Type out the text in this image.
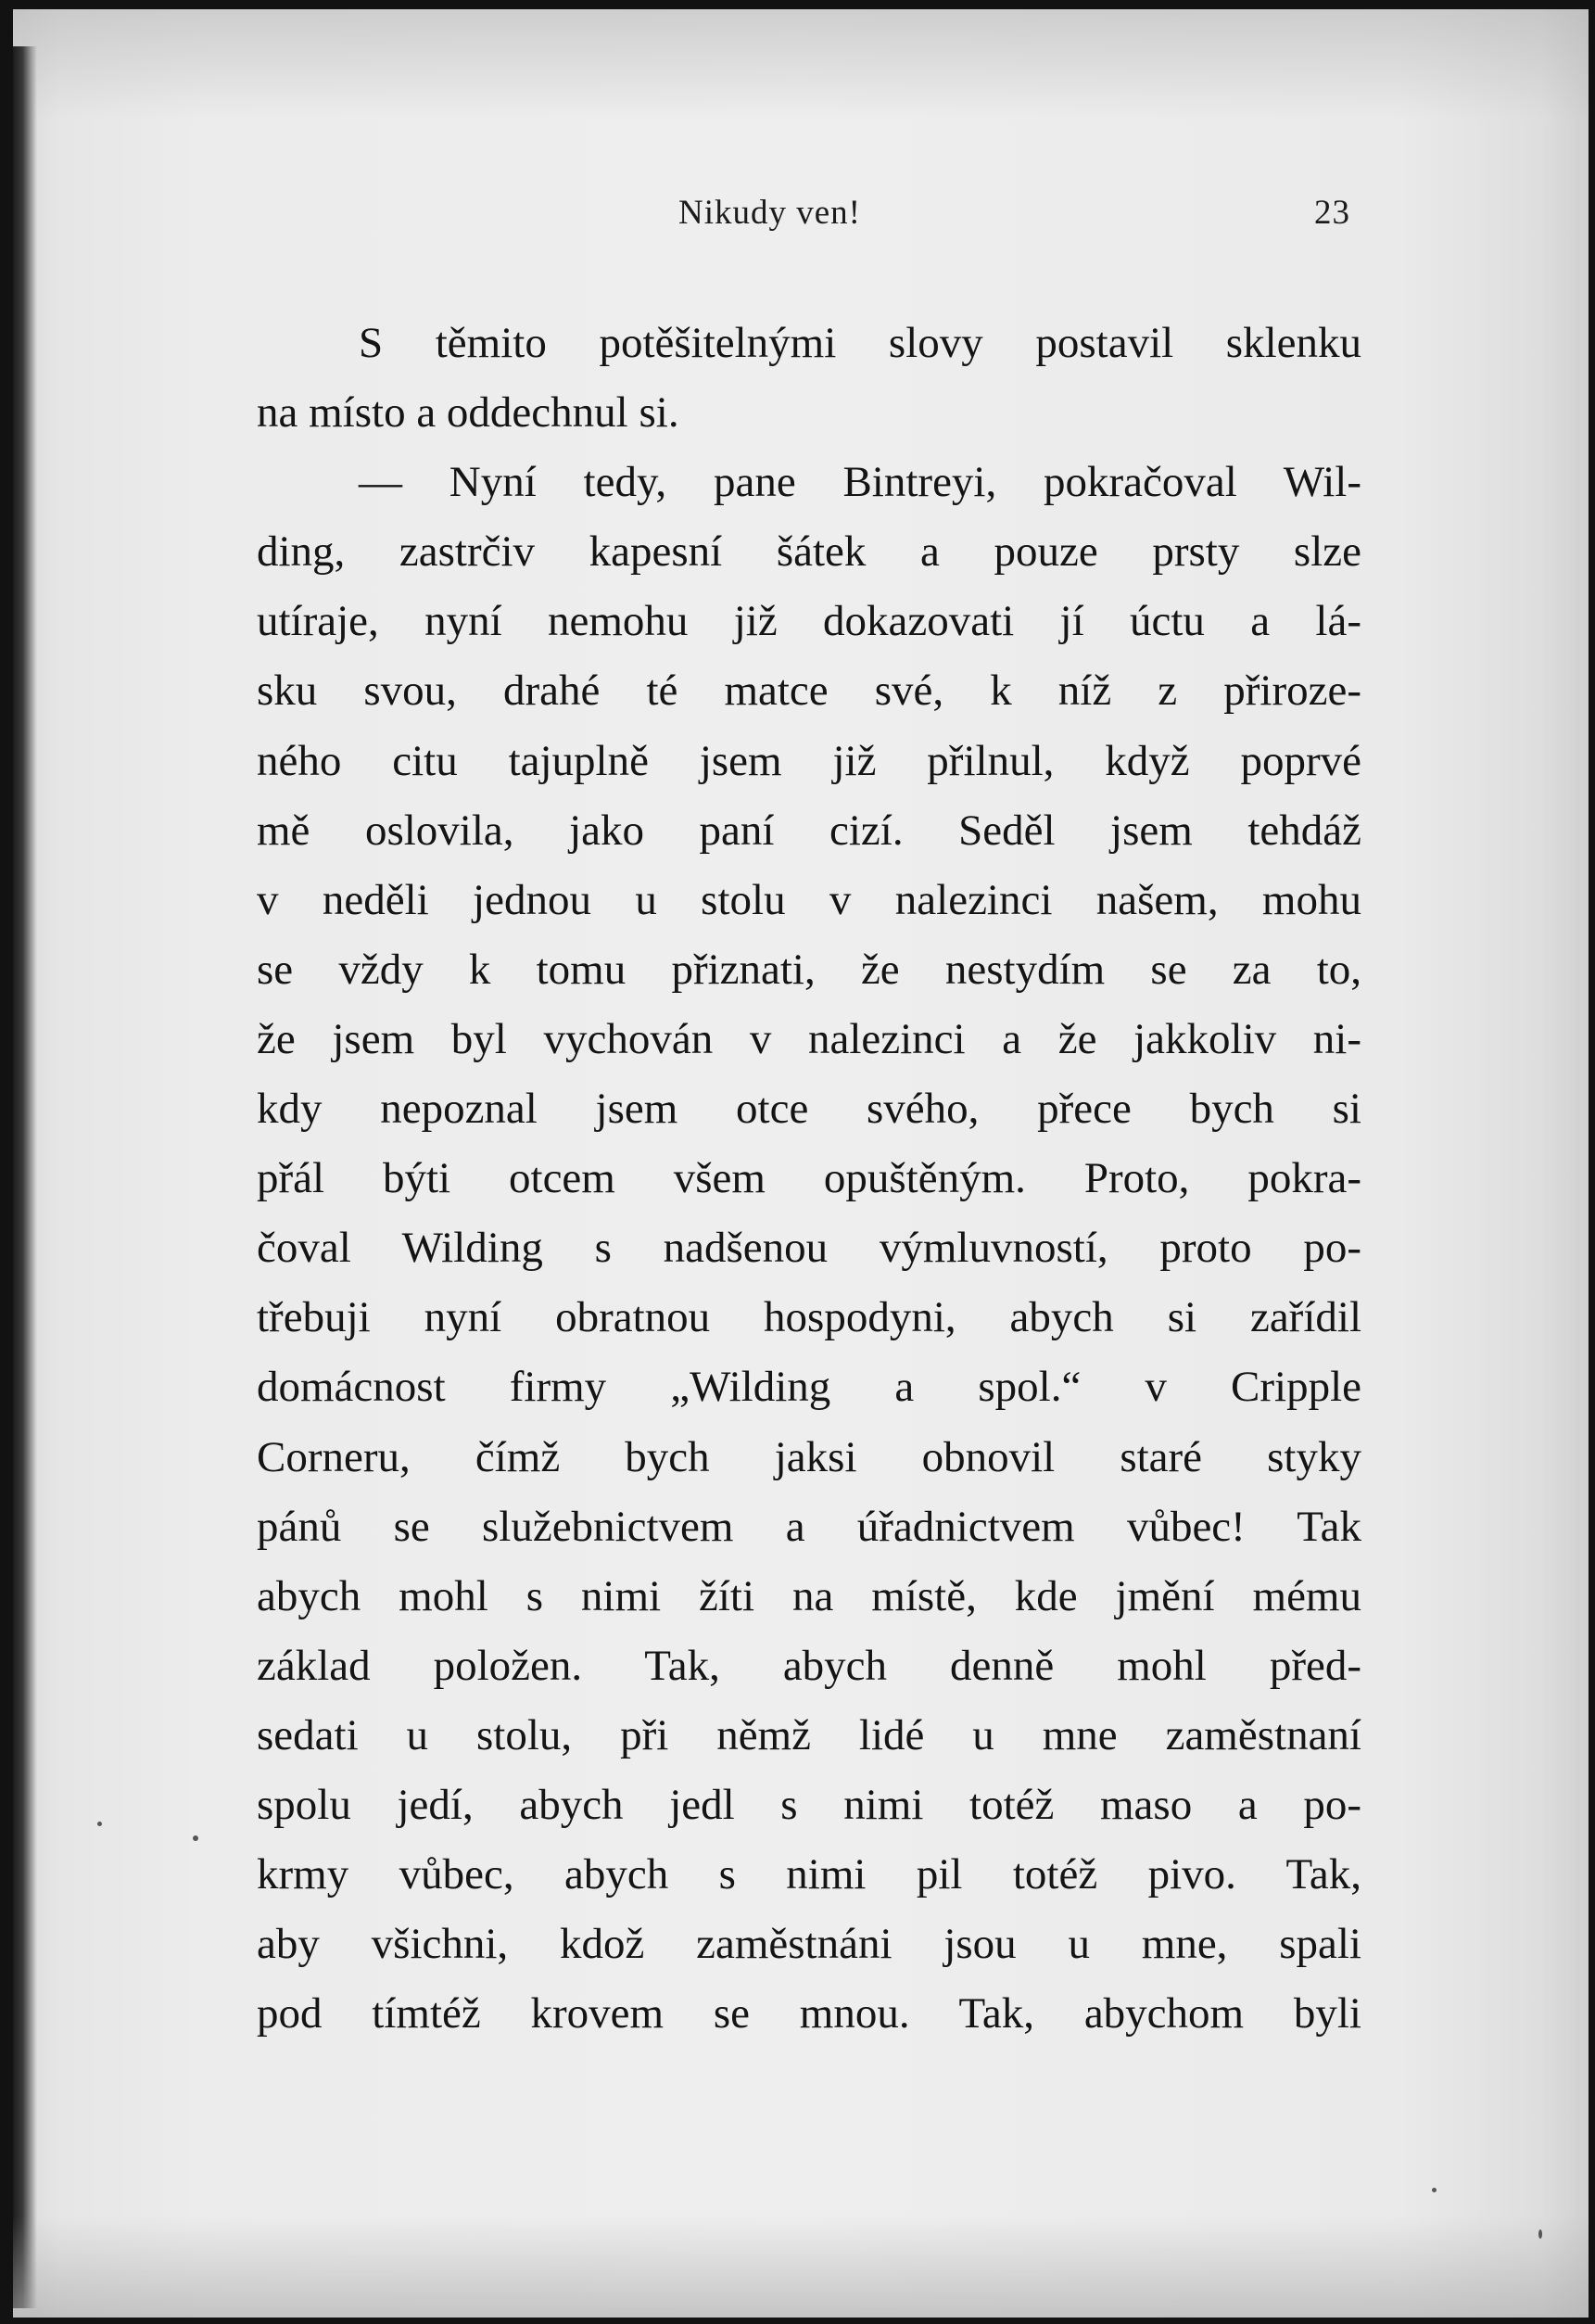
Nikudy ven!	23
S těmito potěšitelnými slovy postavil sklenku
na místo a oddechnul si.
— Nyní tedy, pane Bintreyi, pokračoval Wil-
ding, zastrčiv kapesní šátek a pouze prsty slze
utíraje, nyní nemohu již dokazovati jí úctu a lá-
sku svou, drahé té matce své, k níž z přiroze-
ného citu tajuplně jsem již přilnul, když poprvé
mě oslovila, jako paní cizí. Seděl jsem tehdáž
v neděli jednou u stolu v nalezinci našem, mohu
se vždy k tomu přiznati, že nestydím se za to,
že jsem byl vychován v nalezinci a že jakkoliv ni-
kdy nepoznal jsem otce svého, přece bych si
přál býti otcem všem opuštěným. Proto, pokra-
čoval Wilding s nadšenou výmluvností, proto po-
třebuji nyní obratnou hospodyni, abych si zařídil
domácnost firmy „Wilding a spol.“ v Cripple
Corneru, čímž bych jaksi obnovil staré styky
pánů se služebnictvem a úřadnictvem vůbec! Tak
abych mohl s nimi žíti na místě, kde jmění mému
základ položen. Tak, abych denně mohl před-
sedati u stolu, při němž lidé u mne zaměstnaní
spolu jedí, abych jedl s nimi totéž maso a po-
krmy vůbec, abych s nimi pil totéž pivo. Tak,
aby všichni, kdož zaměstnáni jsou u mne, spali
pod tímtéž krovem se mnou. Tak, abychom byli
